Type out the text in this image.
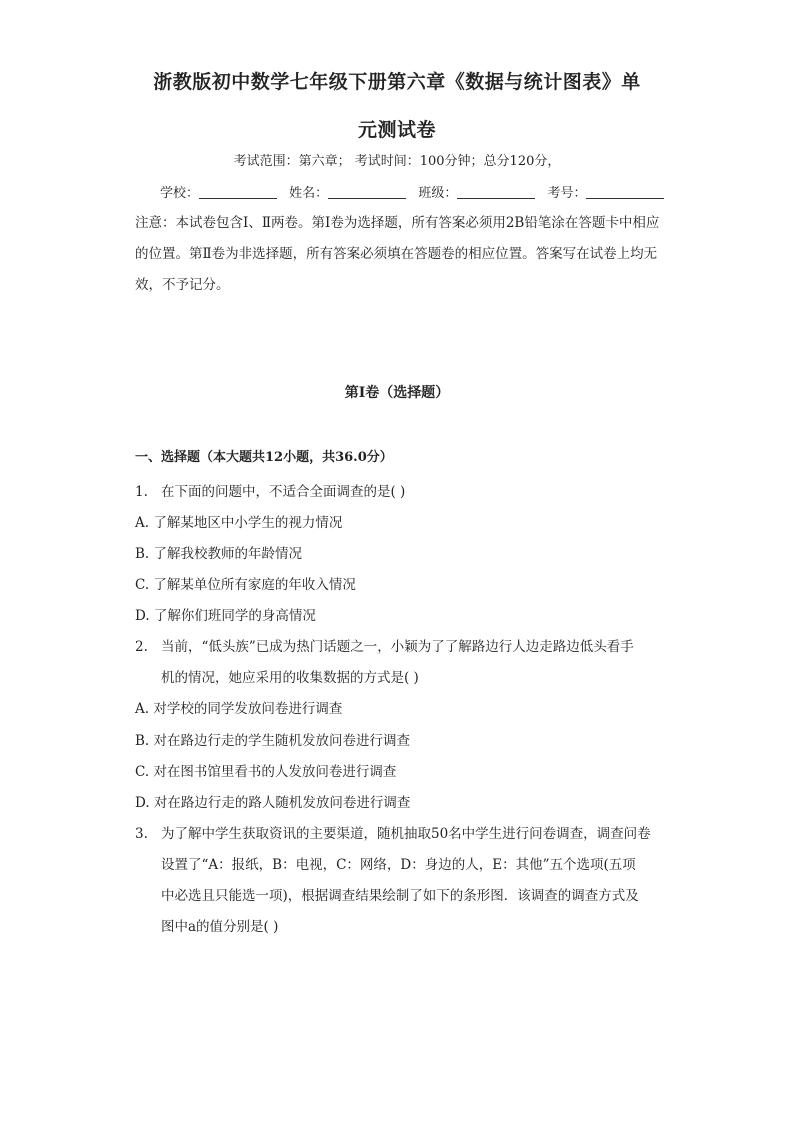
浙教版初中数学七年级下册第六章《数据与统计图表》单
元测试卷
考试范围：第六章； 考试时间：100分钟；总分120分，
学校：	姓名：	班级：	考号：
注意：本试卷包含Ⅰ、Ⅱ两卷。第Ⅰ卷为选择题，所有答案必须用2B铅笔涂在答题卡中相应的位置。第Ⅱ卷为非选择题，所有答案必须填在答题卷的相应位置。答案写在试卷上均无效，不予记分。
第Ⅰ卷（选择题）
一、选择题（本大题共12小题，共36.0分）
1. 在下面的问题中，不适合全面调查的是( )
A. 了解某地区中小学生的视力情况
B. 了解我校教师的年龄情况
C. 了解某单位所有家庭的年收入情况
D. 了解你们班同学的身高情况
2. 当前，“低头族”已成为热门话题之一，小颖为了了解路边行人边走路边低头看手
机的情况，她应采用的收集数据的方式是( )
A. 对学校的同学发放问卷进行调查
B. 对在路边行走的学生随机发放问卷进行调查
C. 对在图书馆里看书的人发放问卷进行调查
D. 对在路边行走的路人随机发放问卷进行调查
3. 为了解中学生获取资讯的主要渠道，随机抽取50名中学生进行问卷调查，调查问卷
设置了“A：报纸，B：电视，C：网络，D：身边的人，E：其他”五个选项(五项
中必选且只能选一项)，根据调查结果绘制了如下的条形图．该调查的调查方式及
图中a的值分别是( )
